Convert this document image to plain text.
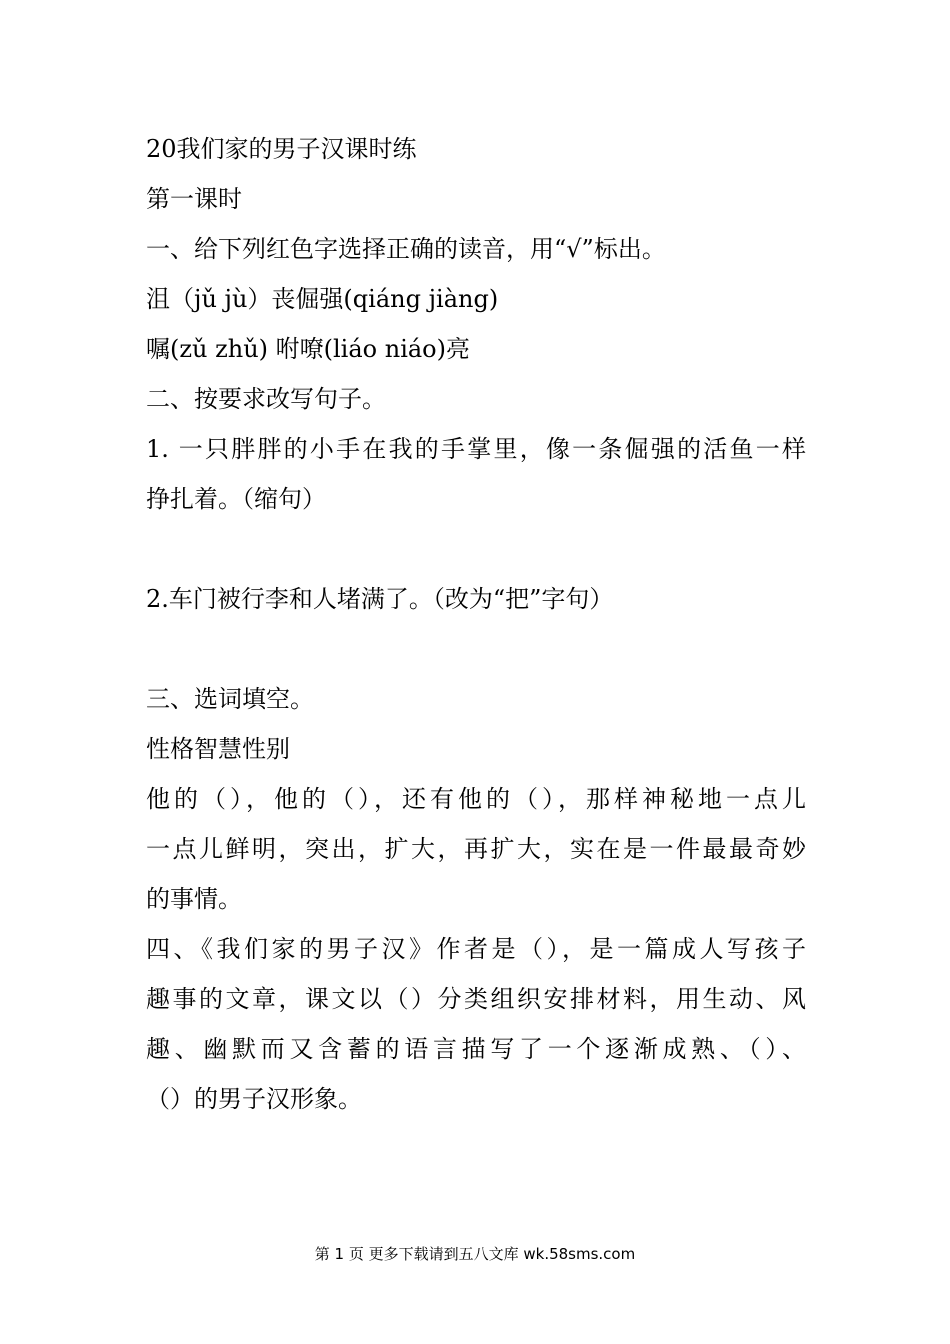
20我们家的男子汉课时练
第一课时
一、给下列红色字选择正确的读音，用“√”标出。
沮（jǔ jù）丧倔强(qiáng jiàng)
嘱(zǔ zhǔ) 咐嘹(liáo niáo)亮
二、按要求改写句子。
1. 一只胖胖的小手在我的手掌里，像一条倔强的活鱼一样
挣扎着。（缩句）
2.车门被行李和人堵满了。（改为“把”字句）
三、选词填空。
性格智慧性别
他的（），他的（），还有他的（），那样神秘地一点儿
一点儿鲜明，突出，扩大，再扩大，实在是一件最最奇妙
的事情。
四、《我们家的男子汉》作者是（），是一篇成人写孩子
趣事的文章，课文以（）分类组织安排材料，用生动、风
趣、幽默而又含蓄的语言描写了一个逐渐成熟、（）、
（）的男子汉形象。
第 1 页 更多下载请到五八文库 wk.58sms.com
